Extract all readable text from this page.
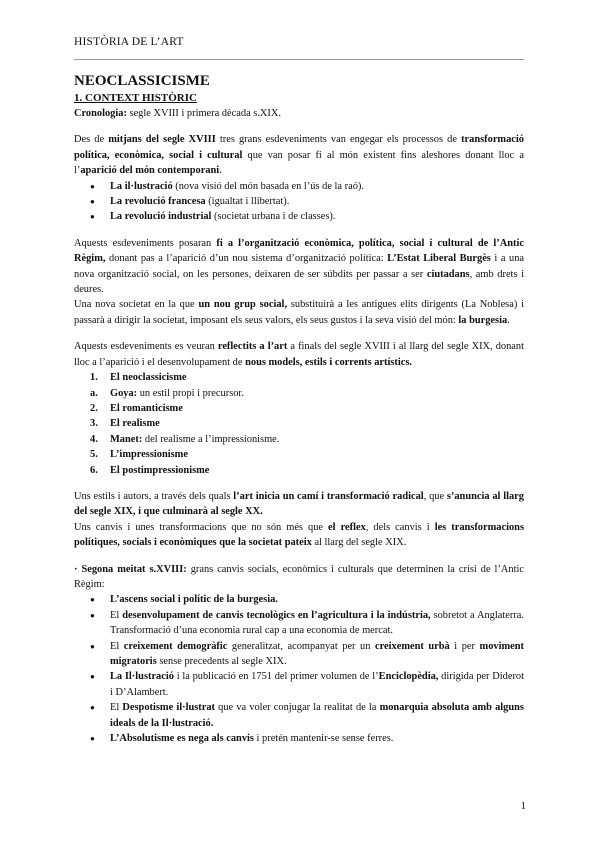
HISTÒRIA DE L’ART
NEOCLASSICISME
1. CONTEXT HISTÒRIC

Cronologia: segle XVIII i primera dècada s.XIX.

Des de mitjans del segle XVIII tres grans esdeveniments van engegar els processos de transformació política, econòmica, social i cultural que van posar fi al món existent fins aleshores donant lloc a l’aparició del món contemporani.

● La il·lustració (nova visió del món basada en l’ús de la raó).
● La revolució francesa (igualtat i llibertat).
● La revolució industrial (societat urbana i de classes).

Aquests esdeveniments posaran fi a l’organització econòmica, política, social i cultural de l’Antic Règim, donant pas a l’aparició d’un nou sistema d’organització política: L’Estat Liberal Burgès i a una nova organització social, on les persones, deixaren de ser súbdits per passar a ser ciutadans, amb drets i deures.

Una nova societat en la que un nou grup social, substituirà a les antigues elits dirigents (La Noblesa) i passarà a dirigir la societat, imposant els seus valors, els seus gustos i la seva visió del món: la burgesia.

Aquests esdeveniments es veuran reflectits a l’art a finals del segle XVIII i al llarg del segle XIX, donant lloc a l’aparició i el desenvolupament de nous models, estils i corrents artístics.

1. El neoclassicisme
a. Goya: un estil propi i precursor.
2. El romanticisme
3. El realisme
4. Manet: del realisme a l’impressionisme.
5. L’impressionisme
6. El postimpressionisme

Uns estils i autors, a través dels quals l’art inicia un camí i transformació radical, que s’anuncia al llarg del segle XIX, i que culminarà al segle XX.

Uns canvis i unes transformacions que no són més que el reflex, dels canvis i les transformacions polítiques, socials i econòmiques que la societat pateix al llarg del segle XIX.

· Segona meitat s.XVIII: grans canvis socials, econòmics i culturals que determinen la crisi de l’Antic Règim:

● L’ascens social i polític de la burgesia.
● El desenvolupament de canvis tecnològics en l’agricultura i la indústria, sobretot a Anglaterra. Transformació d’una economia rural cap a una economia de mercat.
● El creixement demogràfic generalitzat, acompanyat per un creixement urbà i per moviment migratoris sense precedents al segle XIX.
● La Il·lustració i la publicació en 1751 del primer volumen de l’Enciclopèdia, dirigida per Diderot i D’Alambert.
● El Despotisme il·lustrat que va voler conjugar la realitat de la monarquia absoluta amb alguns ideals de la Il·lustració.
● L’Absolutisme es nega als canvis i pretén mantenir-se sense ferres.
1
